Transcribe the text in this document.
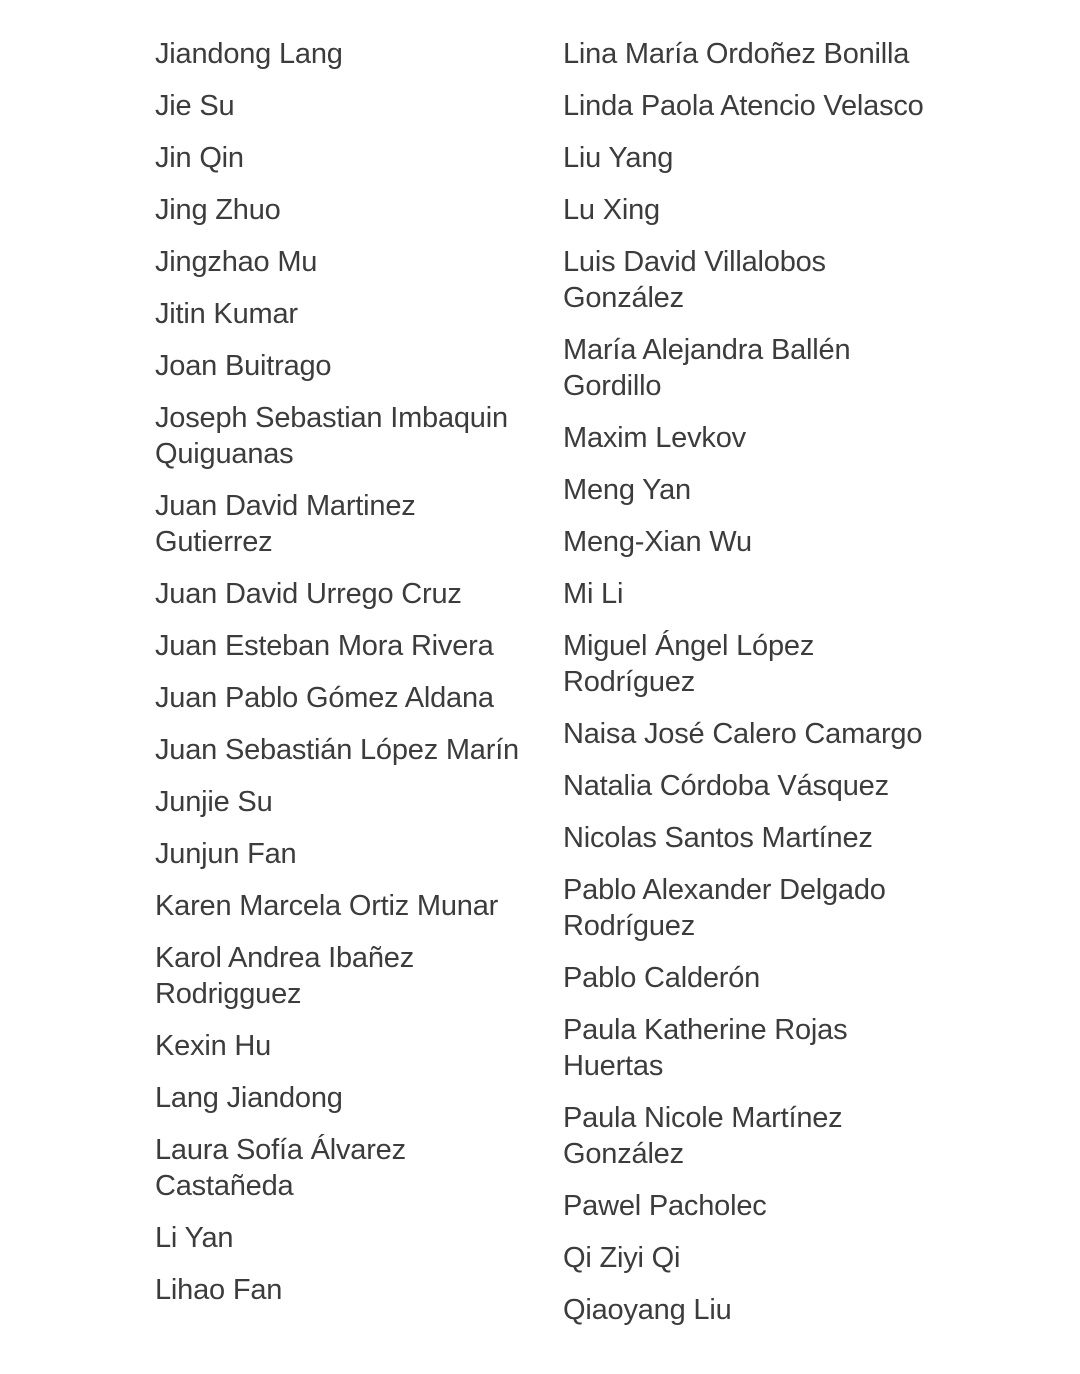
Jiandong Lang
Jie Su
Jin Qin
Jing Zhuo
Jingzhao Mu
Jitin Kumar
Joan Buitrago
Joseph Sebastian Imbaquin Quiguanas
Juan David Martinez Gutierrez
Juan David Urrego Cruz
Juan Esteban Mora Rivera
Juan Pablo Gómez Aldana
Juan Sebastián López Marín
Junjie Su
Junjun Fan
Karen Marcela Ortiz Munar
Karol Andrea Ibañez Rodrigguez
Kexin Hu
Lang Jiandong
Laura Sofía Álvarez Castañeda
Li Yan
Lihao Fan
Lina María Ordoñez Bonilla
Linda Paola Atencio Velasco
Liu Yang
Lu Xing
Luis David Villalobos González
María Alejandra Ballén Gordillo
Maxim Levkov
Meng Yan
Meng-Xian Wu
Mi Li
Miguel Ángel López Rodríguez
Naisa José Calero Camargo
Natalia Córdoba Vásquez
Nicolas Santos Martínez
Pablo Alexander Delgado Rodríguez
Pablo Calderón
Paula Katherine Rojas Huertas
Paula Nicole Martínez González
Pawel Pacholec
Qi Ziyi Qi
Qiaoyang Liu
